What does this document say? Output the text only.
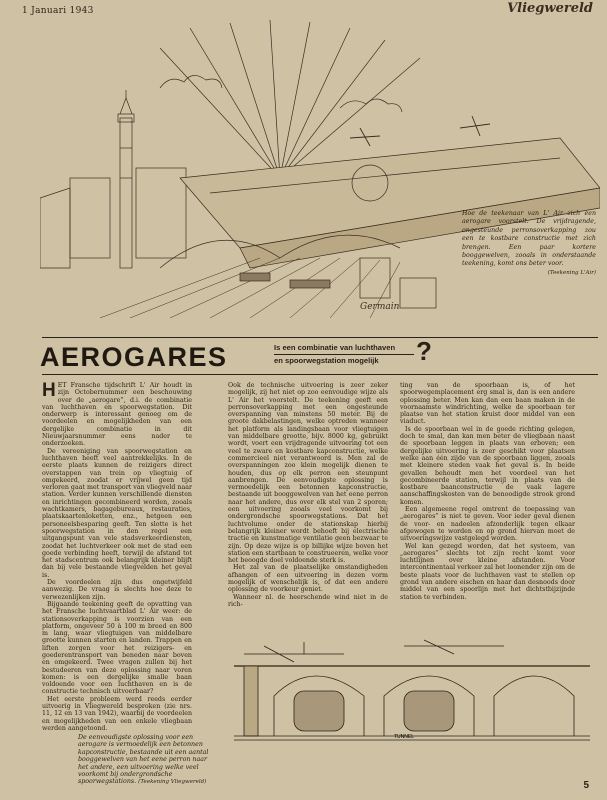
1 Januari 1943	Vliegwereld
Germain
Hoe de teekenaar van L' Air zich een aerogare voorstelt. De vrijdragende, ongesteunde perronsoverkapping zou een te kostbare constructie met zich brengen. Een paar kortere booggewelven, zooals in onderstaande teekening, komt ons beter voor.
(Teekening L'Air)
AEROGARES	Is een combinatie van luchthaven
en spoorwegstation mogelijk	?

HET Fransche tijdschrift L' Air houdt in zijn Octobernummer een beschouwing over de „aerogare”, d.i. de combinatie van luchthaven en spoorwegstation. Dit onderwerp is interessant genoeg om de voordeelen en mogelijkheden van een dergelijke combinatie in dit Nieuwjaarsnummer eens nader te onderzoeken.

De vereeniging van spoorwegstation en luchthaven heeft veel aantrekkelijks. In de eerste plaats kunnen de reizigers direct overstappen van trein op vliegtuig of omgekeerd, zoodat er vrijwel geen tijd verloren gaat met transport van vliegveld naar station. Verder kunnen verschillende diensten en inrichtingen gecombineerd worden, zooals wachtkamers, bagagebureaux, restauraties, plaatskaartenloketten, enz., hetgeen een personeelsbesparing geeft. Ten slotte is het spoorwegstation in den regel een uitgangspunt van vele stadsverkeerdiensten, zoodat het luchtverkeer ook met de stad een goede verbinding heeft, terwijl de afstand tot het stadscentrum ook belangrijk kleiner blijft dan bij vele bestaande vliegvelden het geval is.

De voordeelen zijn dus ongetwijfeld aanwezig. De vraag is slechts hoe deze te verwezenlijken zijn.

Bijgaande teekening geeft de opvatting van het Fransche luchtvaartblad L' Air weer: de stationsoverkapping is voorzien van een platform, ongeveer 50 à 100 m breed en 800 m lang, waar vliegtuigen van middelbare grootte kunnen starten en landen. Trappen en liften zorgen voor het reizigers- en goederentransport van beneden naar boven en omgekeerd. Twee vragen zullen bij het bestudeeren van deze oplossing naar voren komen: is een dergelijke smalle baan voldoende voor een luchthaven en is de constructie technisch uitvoerbaar?

Het eerste probleem werd reeds eerder uitvoerig in Vliegwereld besproken (zie nrs. 11, 12 en 13 van 1942), waarbij de voordeelen en mogelijkheden van een enkele vliegbaan werden aangetoond.

De eenvoudigste oplossing voor een aerogare is vermoedelijk een betonnen kapconstructie, bestaande uit een aantal booggewelven van het eene perron naar het andere, een uitvoering welke veel voorkomt bij ondergrondsche spoorwegstations. (Teekening Vliegwereld)

Ook de technische uitvoering is zeer zeker mogelijk, zij het niet op zoo eenvoudige wijze als L' Air het voorstelt. De teekening geeft een perronsoverkapping met een ongesteunde overspanning van minstens 50 meter. Bij de groote dakbelastingen, welke optreden wanneer het platform als landingsbaan voor vliegtuigen van middelbare grootte, bijv. 8000 kg, gebruikt wordt, voert een vrijdragende uitvoering tot een veel te zware en kostbare kapconstructie, welke commercieel niet verantwoord is. Men zal de overspanningen zoo klein mogelijk dienen te houden, dus op elk perron een steunpunt aanbrengen. De eenvoudigste oplossing is vermoedelijk een betonnen kapconstructie, bestaande uit booggewelven van het eene perron naar het andere, dus over elk stel van 2 sporen; een uitvoering zooals veel voorkomt bij ondergrondsche spoorwegstations. Dat het luchtvolume onder de stationskap hierbij belangrijk kleiner wordt behoeft bij electrische tractie en kunstmatige ventilatie geen bezwaar te zijn. Op deze wijze is op billijke wijze boven het station een startbaan te construeeren, welke voor het beoogde doel voldoende sterk is.

Het zal van de plaatselijke omstandigheden afhangen of een uitvoering in dezen vorm mogelijk of wenschelijk is, of dat een andere oplossing de voorkeur geniet.

Wanneer nl. de heerschende wind niet in de rich-

ting van de spoorbaan is, of het spoorwegemplacement erg smal is, dan is een andere oplossing beter. Men kan dan een baan maken in de voornaamste windrichting, welke de spoorbaan ter plaatse van het station kruist door middel van een viaduct.

Is de spoorbaan wel in de goede richting gelegen, doch te smal, dan kan men beter de vliegbaan naast de spoorbaan leggen in plaats van erboven; een dergelijke uitvoering is zeer geschikt voor plaatsen welke aan één zijde van de spoorbaan liggen, zooals met kleinere steden vaak het geval is. In beide gevallen behoudt men het voordeel van het gecombineerde station, terwijl in plaats van de kostbare baanconstructie de vaak lagere aanschaffingskosten van de benoodigde strook grond komen.

Een algemeene regel omtrent de toepassing van „aerogares” is niet te geven. Voor ieder geval dienen de voor- en nadeelen afzonderlijk tegen elkaar afgewogen te worden en op grond hiervan moet de uitvoeringswijze vastgelegd worden.

Wel kan gezegd worden, dat het systeem, van „aerogares” slechts tot zijn recht komt voor luchtlijnen over kleine afstanden. Voor intercontinentaal verkeer zal het loonender zijn om de beste plaats voor de luchthaven vast te stellen op grond van andere eischen en haar dan desnoods door middel van een spoorlijn met het dichtstbijzijnde station te verbinden.

TUNNEL
5
